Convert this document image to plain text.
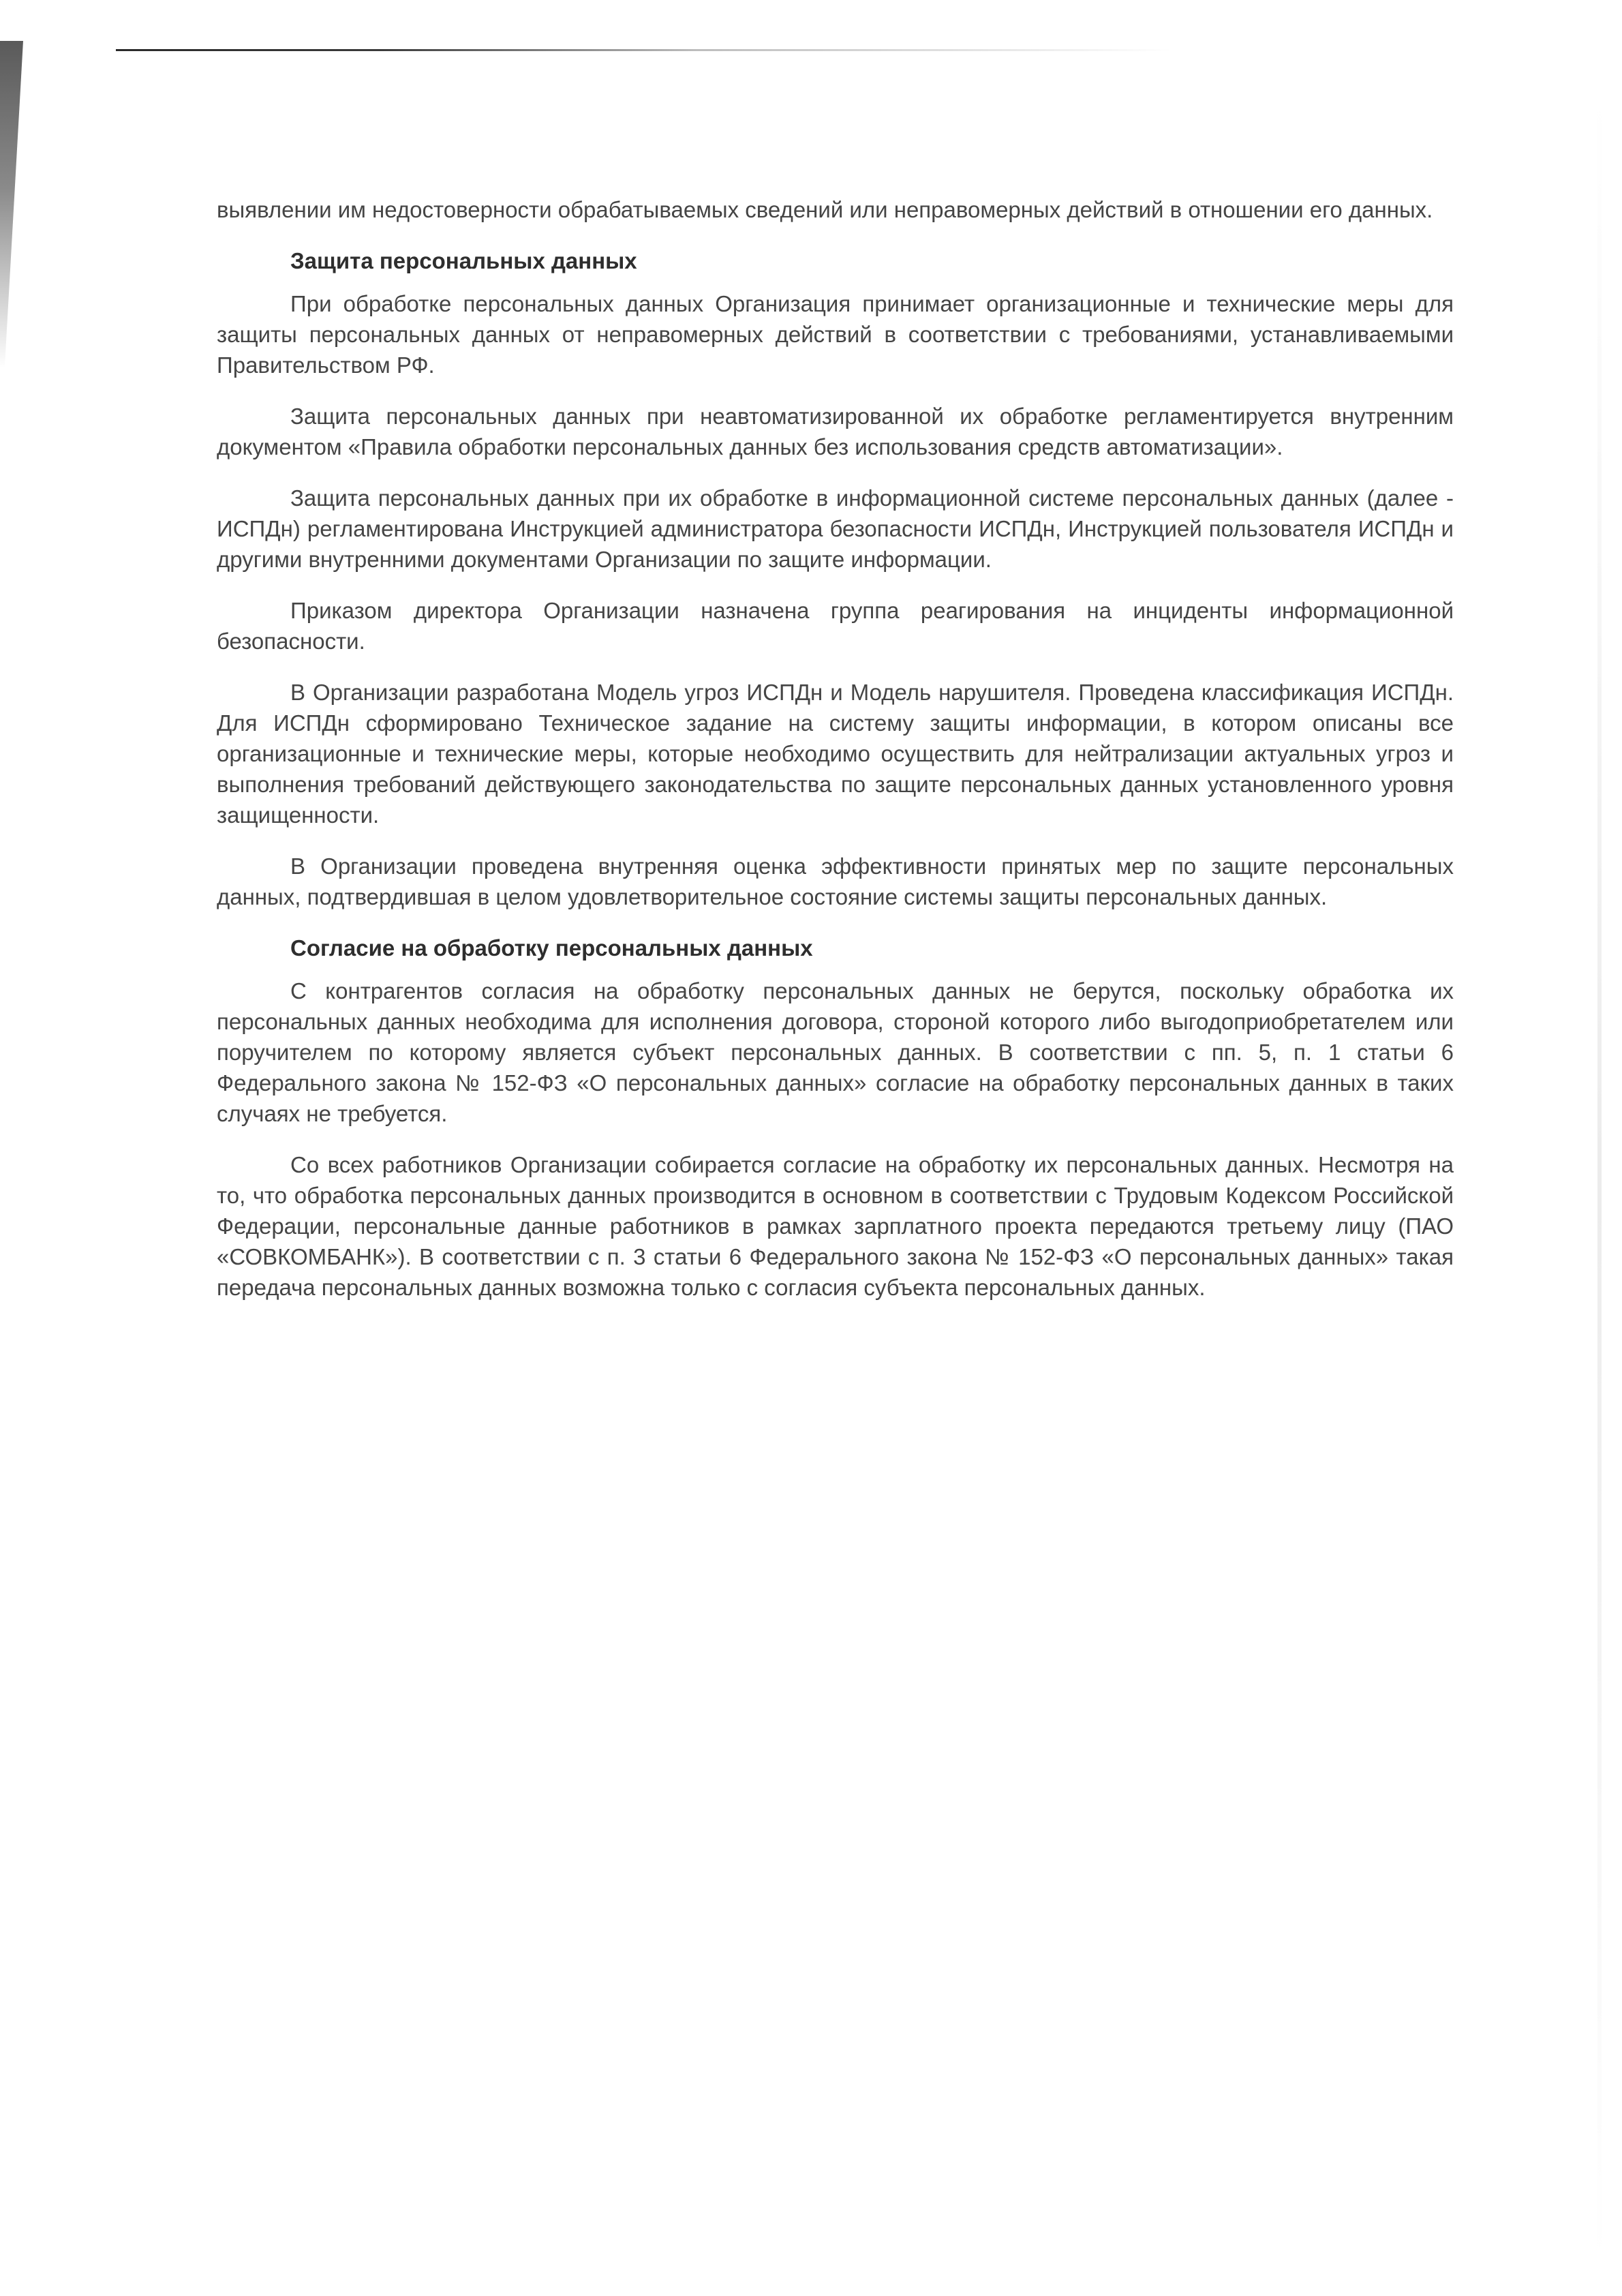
выявлении им недостоверности обрабатываемых сведений или неправомерных действий в отношении его данных.

Защита персональных данных

При обработке персональных данных Организация принимает организационные и технические меры для защиты персональных данных от неправомерных действий в соответствии с требованиями, устанавливаемыми Правительством РФ.

Защита персональных данных при неавтоматизированной их обработке регламентируется внутренним документом «Правила обработки персональных данных без использования средств автоматизации».

Защита персональных данных при их обработке в информационной системе персональных данных (далее - ИСПДн) регламентирована Инструкцией администратора безопасности ИСПДн, Инструкцией пользователя ИСПДн и другими внутренними документами Организации по защите информации.

Приказом директора Организации назначена группа реагирования на инциденты информационной безопасности.

В Организации разработана Модель угроз ИСПДн и Модель нарушителя. Проведена классификация ИСПДн. Для ИСПДн сформировано Техническое задание на систему защиты информации, в котором описаны все организационные и технические меры, которые необходимо осуществить для нейтрализации актуальных угроз и выполнения требований действующего законодательства по защите персональных данных установленного уровня защищенности.

В Организации проведена внутренняя оценка эффективности принятых мер по защите персональных данных, подтвердившая в целом удовлетворительное состояние системы защиты персональных данных.

Согласие на обработку персональных данных

С контрагентов согласия на обработку персональных данных не берутся, поскольку обработка их персональных данных необходима для исполнения договора, стороной которого либо выгодоприобретателем или поручителем по которому является субъект персональных данных. В соответствии с пп. 5, п. 1 статьи 6 Федерального закона № 152-ФЗ «О персональных данных» согласие на обработку персональных данных в таких случаях не требуется.

Со всех работников Организации собирается согласие на обработку их персональных данных. Несмотря на то, что обработка персональных данных производится в основном в соответствии с Трудовым Кодексом Российской Федерации, персональные данные работников в рамках зарплатного проекта передаются третьему лицу (ПАО «СОВКОМБАНК»). В соответствии с п. 3 статьи 6 Федерального закона № 152-ФЗ «О персональных данных» такая передача персональных данных возможна только с согласия субъекта персональных данных.
